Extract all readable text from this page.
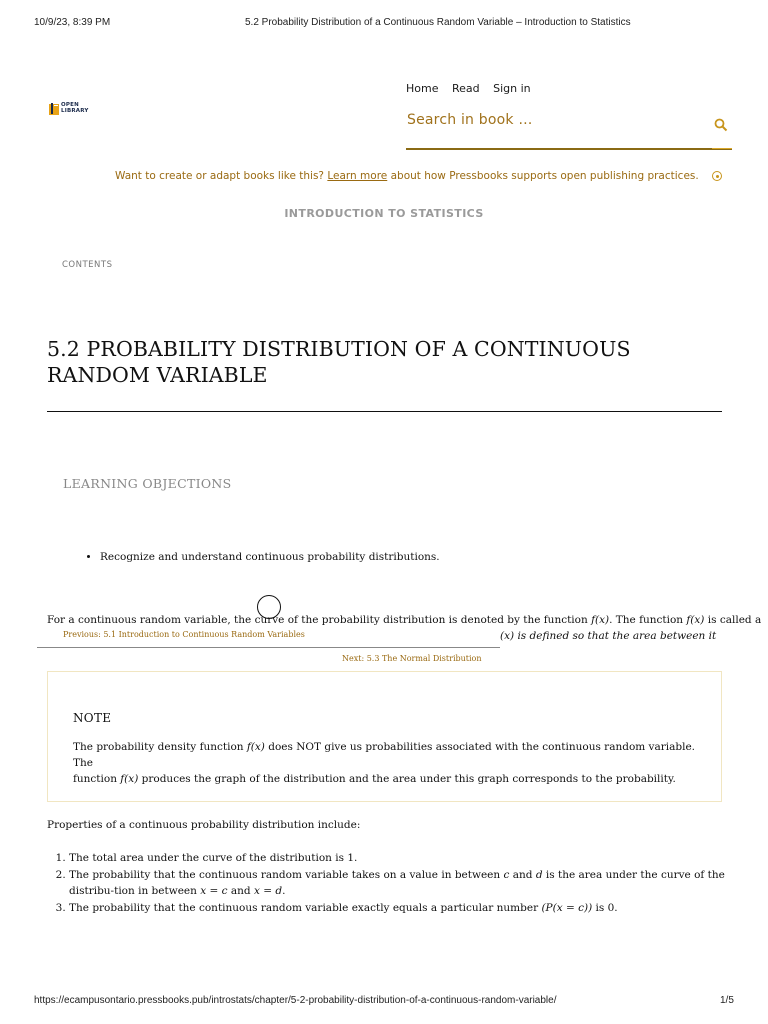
10/9/23, 8:39 PM	5.2 Probability Distribution of a Continuous Random Variable – Introduction to Statistics
OPEN
LIBRARY
Home Read Sign in
Search in book …
Want to create or adapt books like this? Learn more about how Pressbooks supports open publishing practices.
INTRODUCTION TO STATISTICS
CONTENTS
5.2 PROBABILITY DISTRIBUTION OF A CONTINUOUS RANDOM VARIABLE
LEARNING OBJECTIONS
• Recognize and understand continuous probability distributions.
For a continuous random variable, the curve of the probability distribution is denoted by the function f(x). The function f(x) is called a
(x) is defined so that the area between it
Previous: 5.1 Introduction to Continuous Random Variables
Next: 5.3 The Normal Distribution
NOTE
The probability density function f(x) does NOT give us probabilities associated with the continuous random variable. The
function f(x) produces the graph of the distribution and the area under this graph corresponds to the probability.
Properties of a continuous probability distribution include:
1. The total area under the curve of the distribution is 1.
2. The probability that the continuous random variable takes on a value in between c and d is the area under the curve of the distribu-tion in between x = c and x = d.
3. The probability that the continuous random variable exactly equals a particular number (P(x = c)) is 0.
https://ecampusontario.pressbooks.pub/introstats/chapter/5-2-probability-distribution-of-a-continuous-random-variable/	1/5
